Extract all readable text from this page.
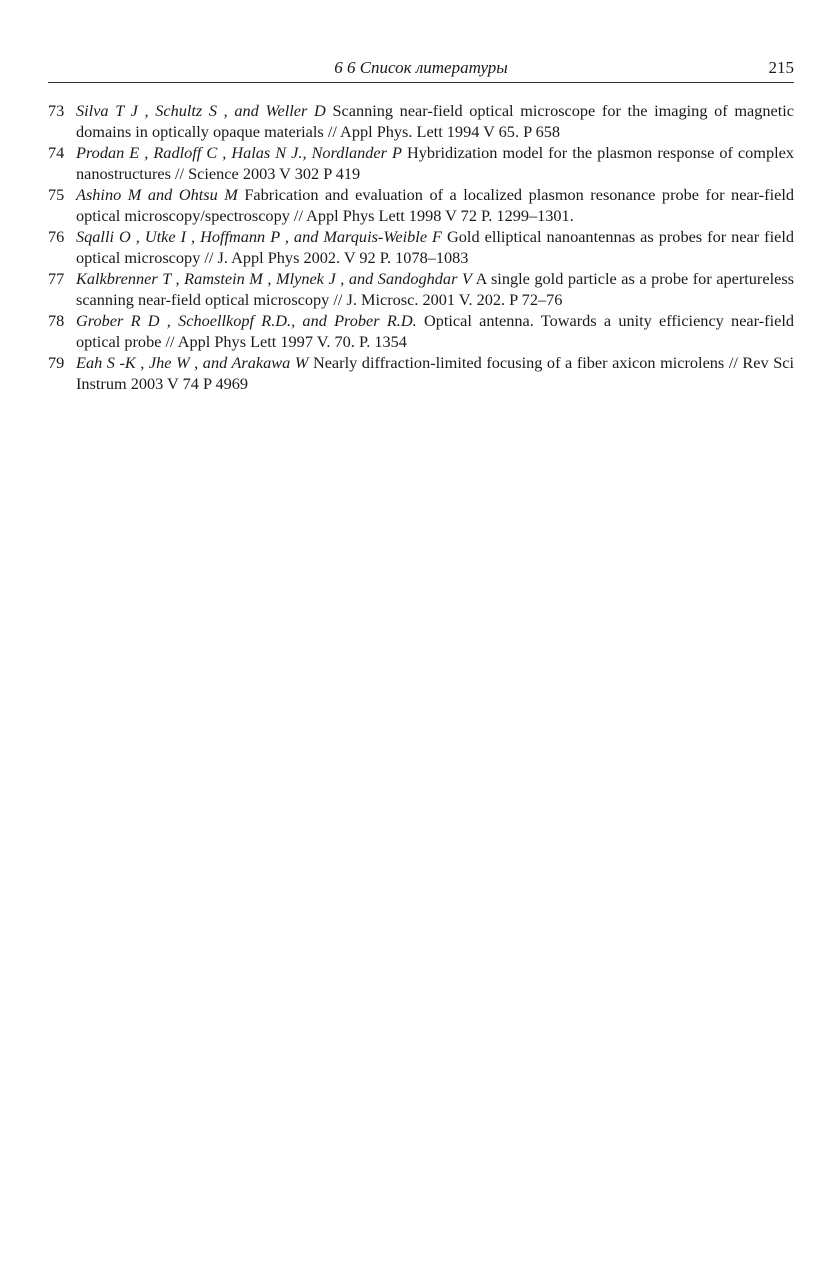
6 6 Список литературы	215
73 Silva T J , Schultz S , and Weller D Scanning near-field optical microscope for the imaging of magnetic domains in optically opaque materials // Appl Phys. Lett 1994 V 65. P 658
74 Prodan E , Radloff C , Halas N J., Nordlander P Hybridization model for the plasmon response of complex nanostructures // Science 2003 V 302 P 419
75 Ashino M and Ohtsu M Fabrication and evaluation of a localized plasmon resonance probe for near-field optical microscopy/spectroscopy // Appl Phys Lett 1998 V 72 P. 1299–1301.
76 Sqalli O , Utke I , Hoffmann P , and Marquis-Weible F Gold elliptical nanoantennas as probes for near field optical microscopy // J. Appl Phys 2002. V 92 P. 1078–1083
77 Kalkbrenner T , Ramstein M , Mlynek J , and Sandoghdar V A single gold particle as a probe for apertureless scanning near-field optical microscopy // J. Microsc. 2001 V. 202. P 72–76
78 Grober R D , Schoellkopf R.D., and Prober R.D. Optical antenna. Towards a unity efficiency near-field optical probe // Appl Phys Lett 1997 V. 70. P. 1354
79 Eah S -K , Jhe W , and Arakawa W Nearly diffraction-limited focusing of a fiber axicon microlens // Rev Sci Instrum 2003 V 74 P 4969
